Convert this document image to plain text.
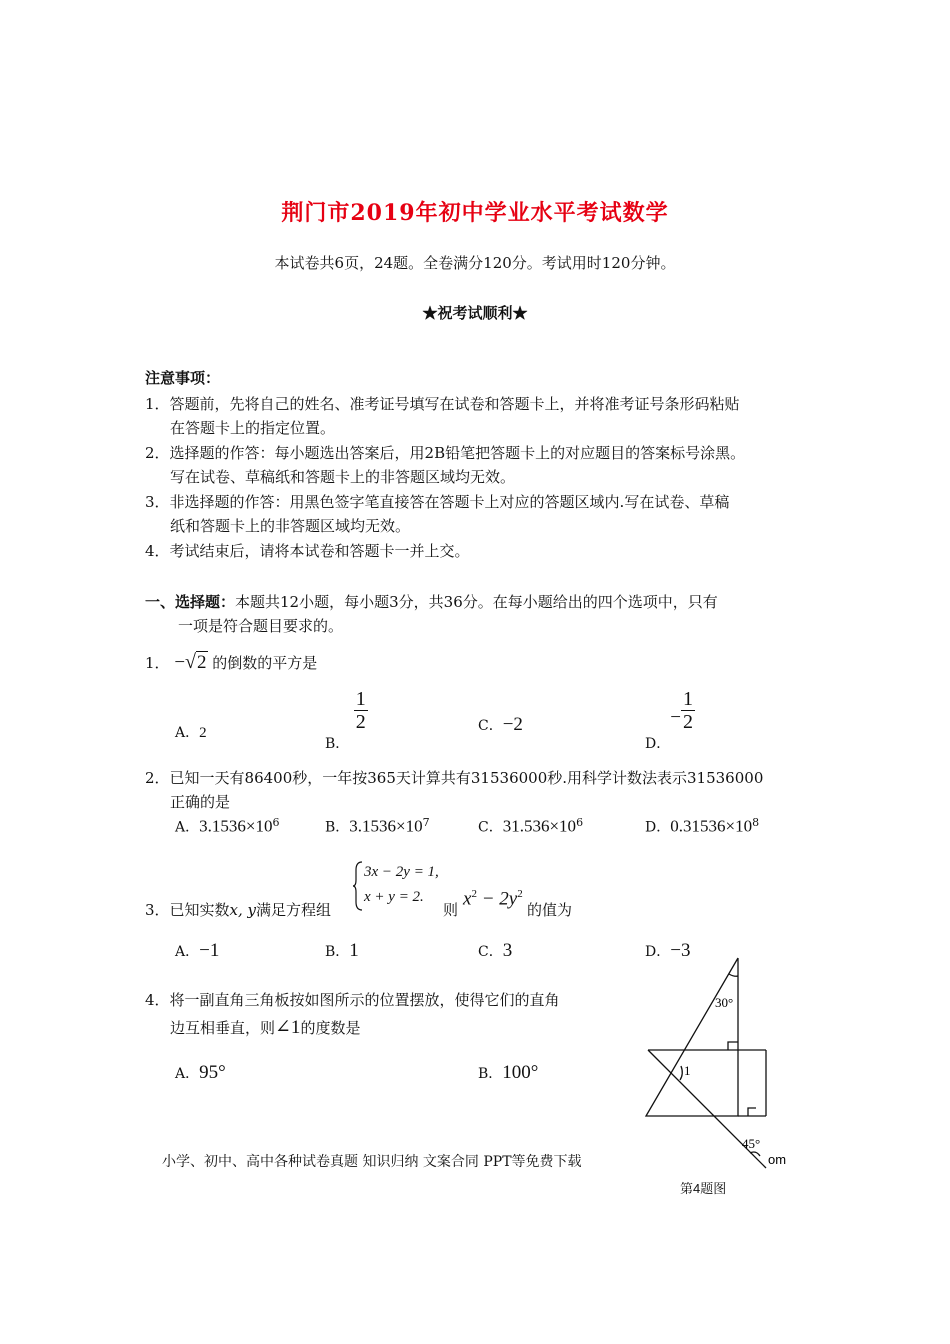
荆门市2019年初中学业水平考试数学
本试卷共6页，24题。全卷满分120分。考试用时120分钟。
★祝考试顺利★
注意事项：
1．答题前，先将自己的姓名、准考证号填写在试卷和答题卡上，并将准考证号条形码粘贴
在答题卡上的指定位置。
2．选择题的作答：每小题选出答案后，用2B铅笔把答题卡上的对应题目的答案标号涂黑。
写在试卷、草稿纸和答题卡上的非答题区域均无效。
3．非选择题的作答：用黑色签字笔直接答在答题卡上对应的答题区域内.写在试卷、草稿
纸和答题卡上的非答题区域均无效。
4．考试结束后，请将本试卷和答题卡一并上交。
一、选择题：本题共12小题，每小题3分，共36分。在每小题给出的四个选项中，只有
一项是符合题目要求的。
1． −√2 的倒数的平方是
A．2
B．
$\frac{1}{2}$	C．−2
D．− $\frac{1}{2}$
2．已知一天有86400秒，一年按365天计算共有31536000秒.用科学计数法表示31536000
正确的是
A．$3.1536\times 10^6$	B．$3.1536\times 10^7$	C．$31.536\times 10^6$	D．$0.31536\times 10^8$
3．已知实数x, y满足方程组
3x − 2y = 1,
x + y = 2.
则
$x^2 - 2y^2$
的值为
A．−1	B．1	C．3	D．−3
4．将一副直角三角板按如图所示的位置摆放，使得它们的直角
边互相垂直，则∠1的度数是
A．95°	B．100°
30°
1
45°
om
第4题图
小学、初中、高中各种试卷真题 知识归纳 文案合同 PPT等免费下载
